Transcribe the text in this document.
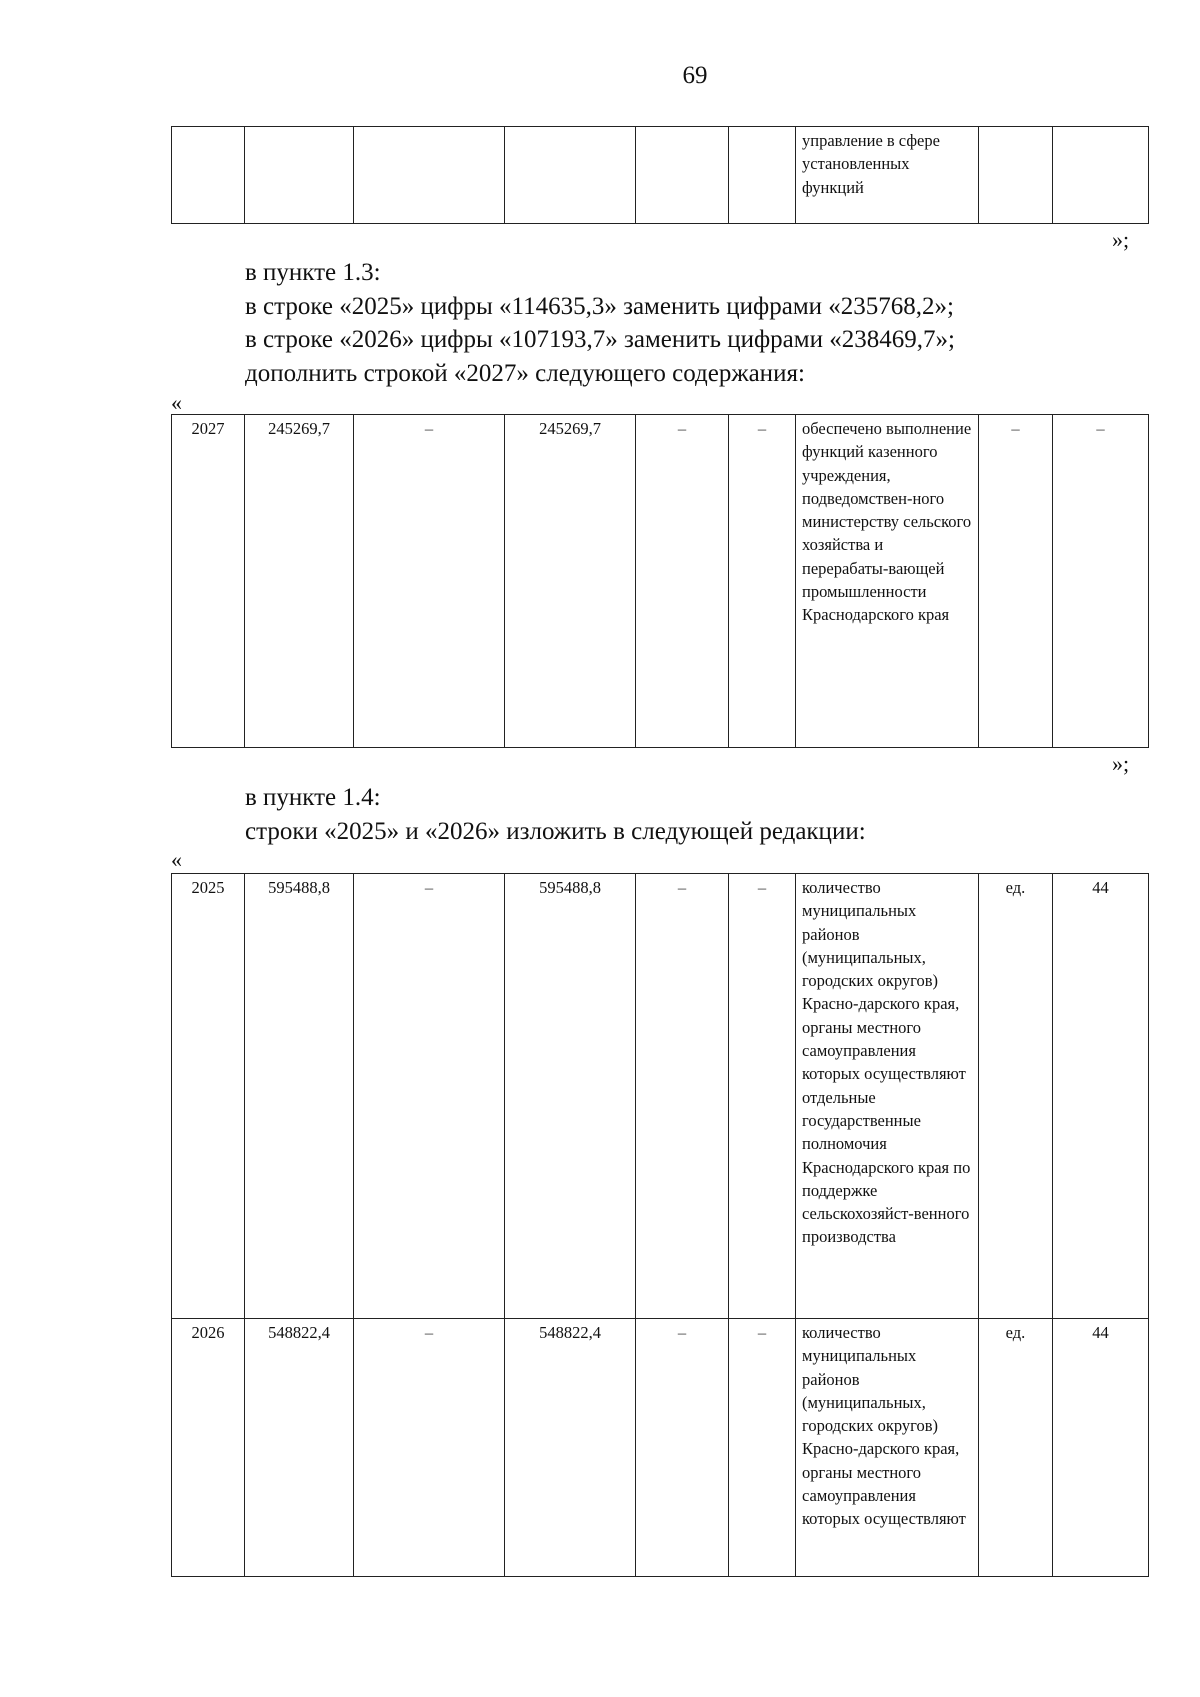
69
						управление в сфере установленных функций		
»;
в пункте 1.3:
в строке «2025» цифры «114635,3» заменить цифрами «235768,2»;
в строке «2026» цифры «107193,7» заменить цифрами «238469,7»;
дополнить строкой «2027» следующего содержания:
«
2027	245269,7	–	245269,7	–	–	обеспечено выполнение функций казенного учреждения, подведомствен-ного министерству сельского хозяйства и перерабаты-вающей промышленности Краснодарского края	–	–
»;
в пункте 1.4:
строки «2025» и «2026» изложить в следующей редакции:
«
2025	595488,8	–	595488,8	–	–	количество муниципальных районов (муниципальных, городских округов) Красно-дарского края, органы местного самоуправления которых осуществляют отдельные государственные полномочия Краснодарского края по поддержке сельскохозяйст-венного производства	ед.	44
2026	548822,4	–	548822,4	–	–	количество муниципальных районов (муниципальных, городских округов) Красно-дарского края, органы местного самоуправления которых осуществляют	ед.	44
